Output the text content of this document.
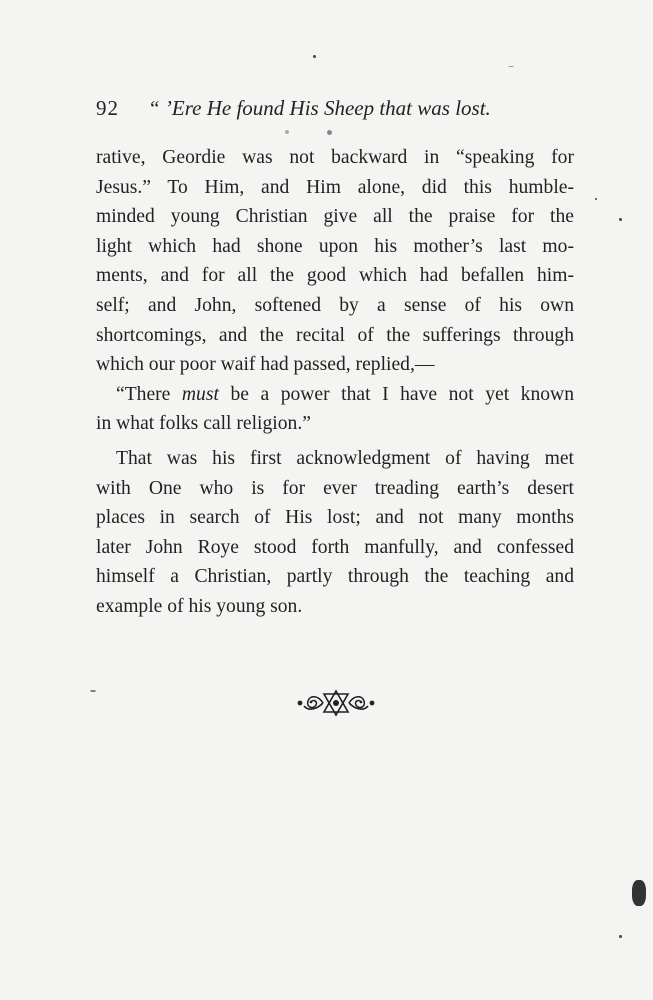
92 “ ’Ere He found His Sheep that was lost.
rative, Geordie was not backward in “speaking for
Jesus.” To Him, and Him alone, did this humble-
minded young Christian give all the praise for the
light which had shone upon his mother’s last mo-
ments, and for all the good which had befallen him-
self; and John, softened by a sense of his own
shortcomings, and the recital of the sufferings through
which our poor waif had passed, replied,—
“There must be a power that I have not yet known
in what folks call religion.”
That was his first acknowledgment of having met
with One who is for ever treading earth’s desert
places in search of His lost; and not many months
later John Roye stood forth manfully, and confessed
himself a Christian, partly through the teaching and
example of his young son.
